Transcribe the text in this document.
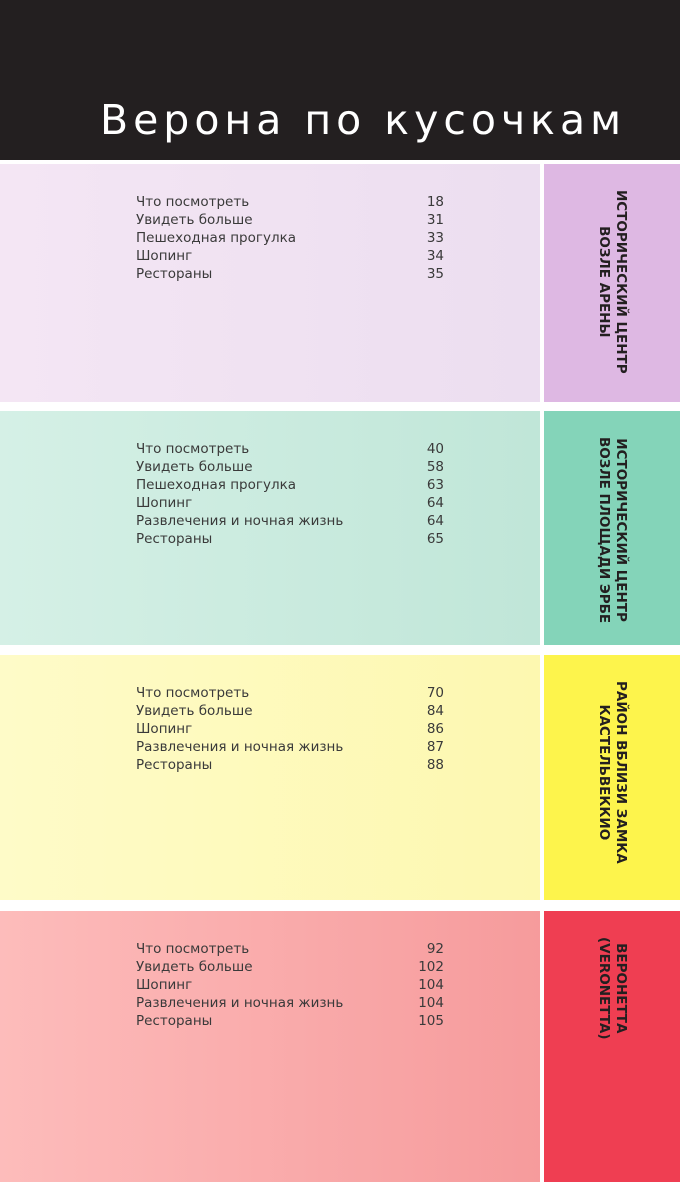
Верона по кусочкам
Что посмотреть	18
Увидеть больше	31
Пешеходная прогулка	33
Шопинг	34
Рестораны	35	ИСТОРИЧЕСКИЙ ЦЕНТР
ВОЗЛЕ АРЕНЫ
Что посмотреть	40
Увидеть больше	58
Пешеходная прогулка	63
Шопинг	64
Развлечения и ночная жизнь	64
Рестораны	65	ИСТОРИЧЕСКИЙ ЦЕНТР
ВОЗЛЕ ПЛОЩАДИ ЭРБЕ
Что посмотреть	70
Увидеть больше	84
Шопинг	86
Развлечения и ночная жизнь	87
Рестораны	88	РАЙОН ВБЛИЗИ ЗАМКА
КАСТЕЛЬВЕККИО
Что посмотреть	92
Увидеть больше	102
Шопинг	104
Развлечения и ночная жизнь	104
Рестораны	105	ВЕРОНЕТТА
(VERONETTA)
